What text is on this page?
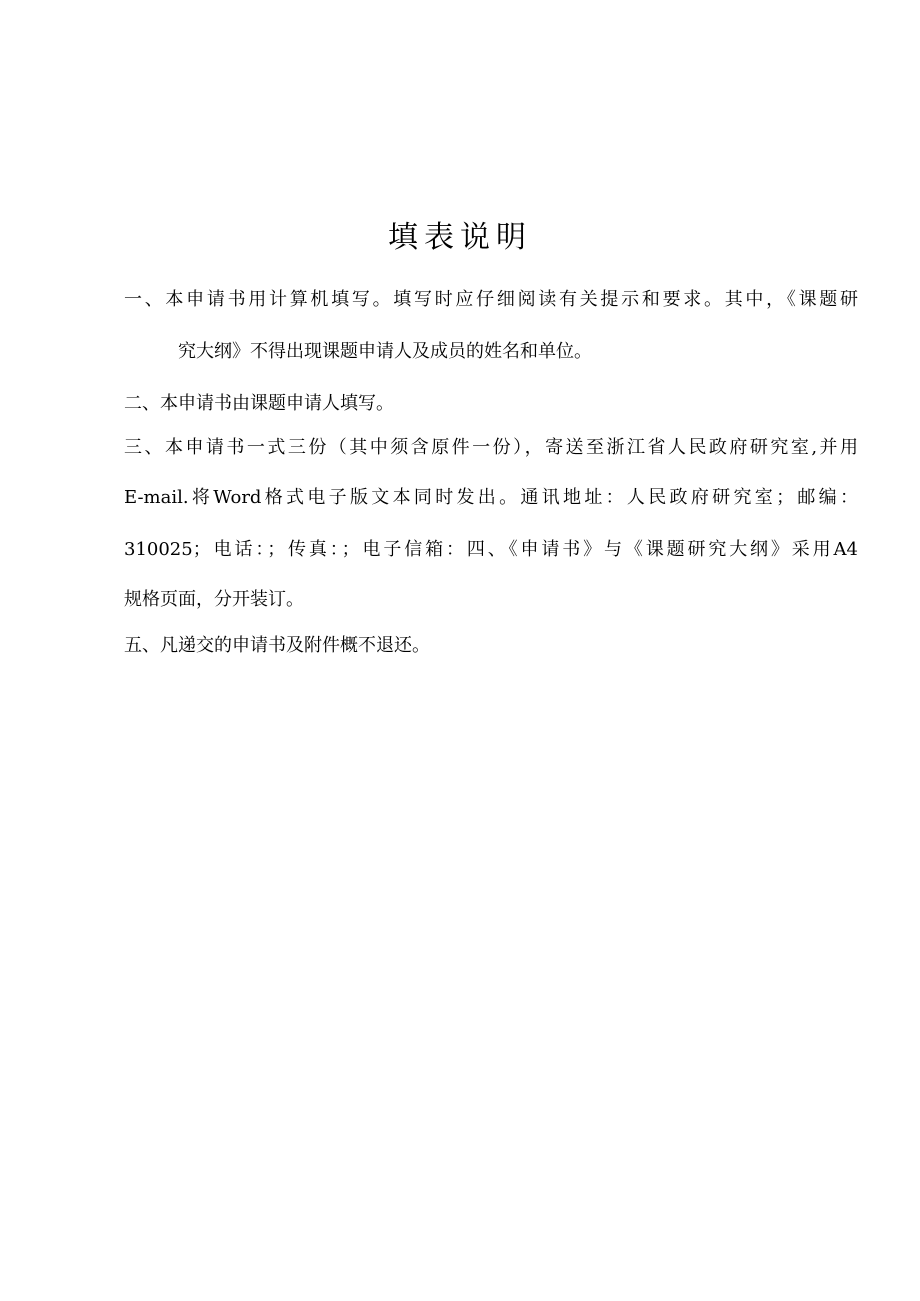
填表说明
一、本申请书用计算机填写。填写时应仔细阅读有关提示和要求。其中，《课题研
究大纲》不得出现课题申请人及成员的姓名和单位。
二、本申请书由课题申请人填写。
三、本申请书一式三份（其中须含原件一份），寄送至浙江省人民政府研究室,并用
E-mail.将Word格式电子版文本同时发出。通讯地址：人民政府研究室；邮编：
310025；电话：；传真：；电子信箱：四、《申请书》与《课题研究大纲》采用A4
规格页面，分开装订。
五、凡递交的申请书及附件概不退还。
